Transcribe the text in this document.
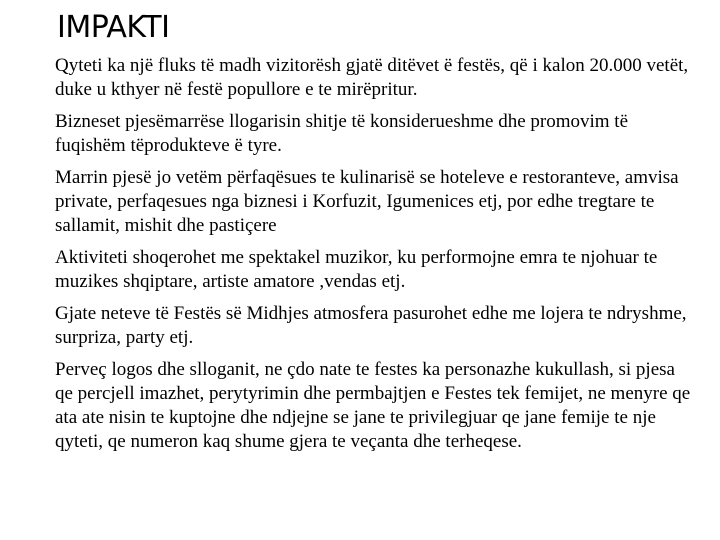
IMPAKTI

Qyteti ka një fluks të madh vizitorësh gjatë ditëvet ë festës, që i kalon 20.000 vetët, duke u kthyer në festë popullore e te mirëpritur.

Bizneset pjesëmarrëse llogarisin shitje të konsiderueshme dhe promovim të fuqishëm tëprodukteve ë tyre.

Marrin pjesë jo vetëm përfaqësues te kulinarisë se hoteleve e restoranteve, amvisa private, perfaqesues nga biznesi i Korfuzit, Igumenices etj, por edhe tregtare te sallamit, mishit dhe pastiçere

Aktiviteti shoqerohet me spektakel muzikor, ku performojne emra te njohuar te muzikes shqiptare, artiste amatore ,vendas etj.

Gjate neteve të Festës së Midhjes atmosfera pasurohet edhe me lojera te ndryshme, surpriza, party etj.

Perveç logos dhe slloganit, ne çdo nate te festes ka personazhe kukullash, si pjesa qe percjell imazhet, perytyrimin dhe permbajtjen e Festes tek femijet, ne menyre qe ata ate nisin te kuptojne dhe ndjejne se jane te privilegjuar qe jane femije te nje qyteti, qe numeron kaq shume gjera te veçanta dhe terheqese.
